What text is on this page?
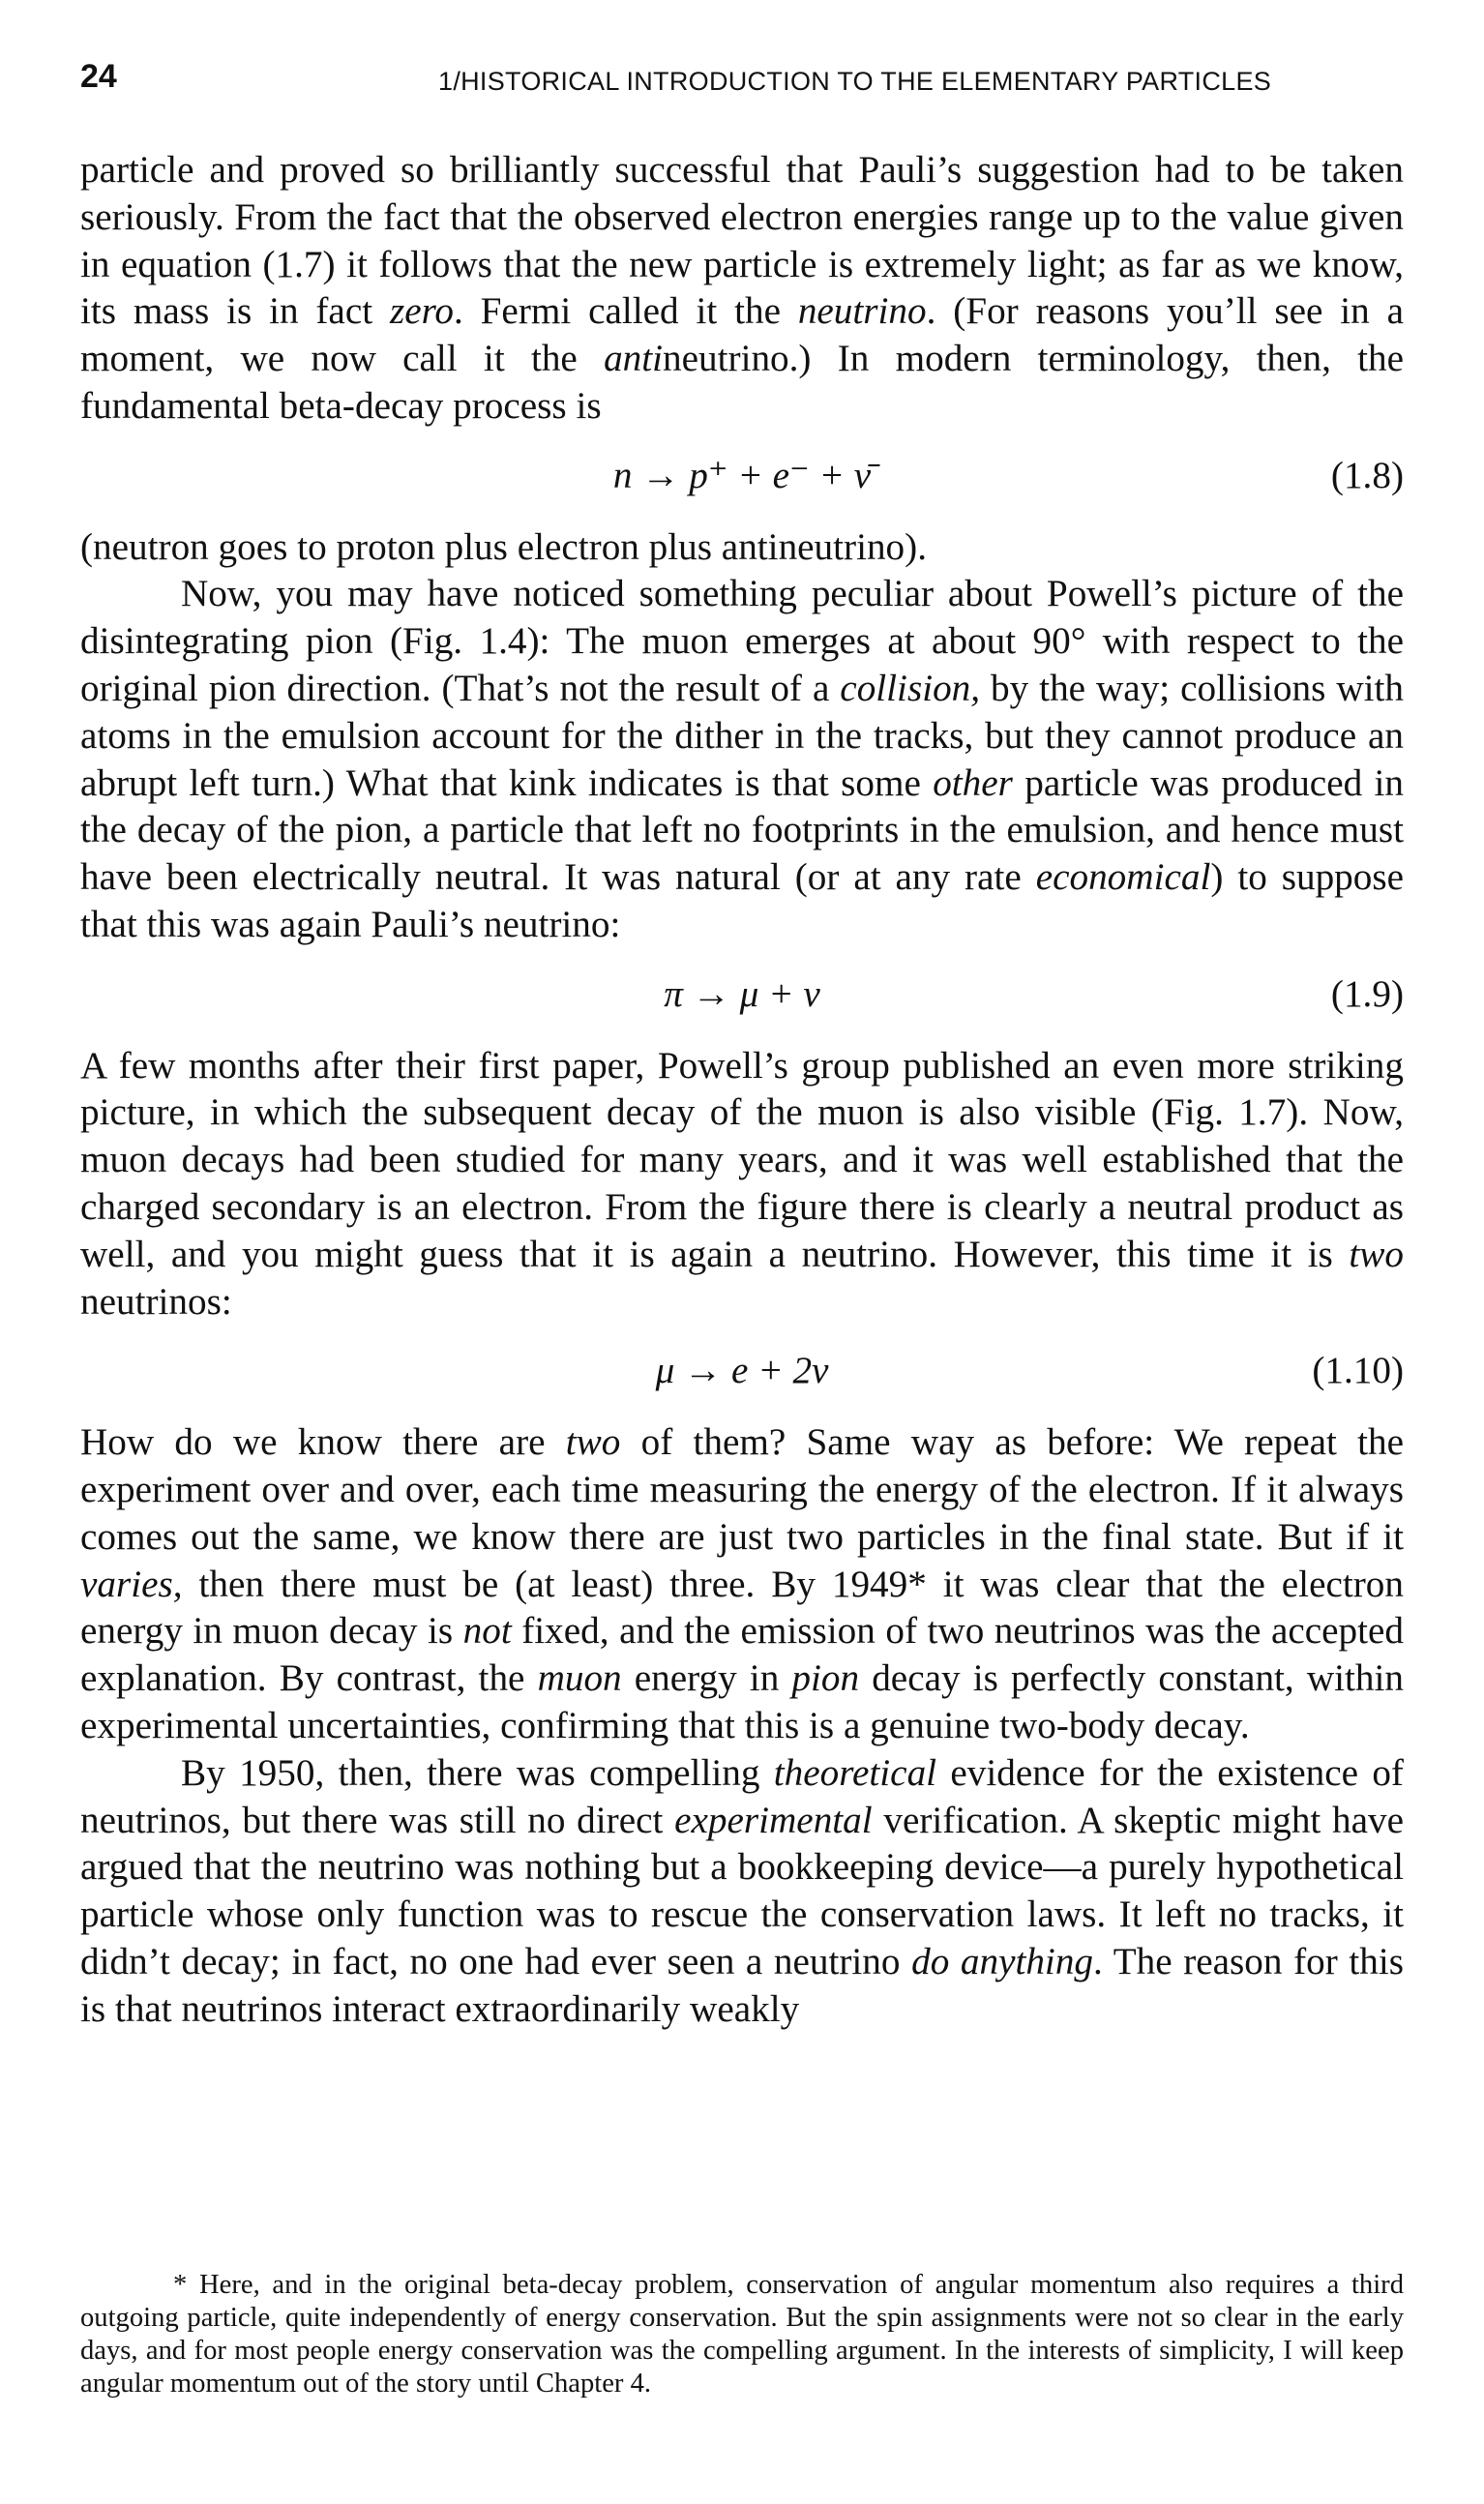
24	1/HISTORICAL INTRODUCTION TO THE ELEMENTARY PARTICLES

particle and proved so brilliantly successful that Pauli’s suggestion had to be taken seriously. From the fact that the observed electron energies range up to the value given in equation (1.7) it follows that the new particle is extremely light; as far as we know, its mass is in fact zero. Fermi called it the neutrino. (For reasons you’ll see in a moment, we now call it the antineutrino.) In modern terminology, then, the fundamental beta-decay process is

n → p⁺ + e⁻ + ν̄	(1.8)

(neutron goes to proton plus electron plus antineutrino).

Now, you may have noticed something peculiar about Powell’s picture of the disintegrating pion (Fig. 1.4): The muon emerges at about 90° with respect to the original pion direction. (That’s not the result of a collision, by the way; collisions with atoms in the emulsion account for the dither in the tracks, but they cannot produce an abrupt left turn.) What that kink indicates is that some other particle was produced in the decay of the pion, a particle that left no footprints in the emulsion, and hence must have been electrically neutral. It was natural (or at any rate economical) to suppose that this was again Pauli’s neutrino:

π → μ + ν	(1.9)

A few months after their first paper, Powell’s group published an even more striking picture, in which the subsequent decay of the muon is also visible (Fig. 1.7). Now, muon decays had been studied for many years, and it was well established that the charged secondary is an electron. From the figure there is clearly a neutral product as well, and you might guess that it is again a neutrino. However, this time it is two neutrinos:

μ → e + 2ν	(1.10)

How do we know there are two of them? Same way as before: We repeat the experiment over and over, each time measuring the energy of the electron. If it always comes out the same, we know there are just two particles in the final state. But if it varies, then there must be (at least) three. By 1949* it was clear that the electron energy in muon decay is not fixed, and the emission of two neutrinos was the accepted explanation. By contrast, the muon energy in pion decay is perfectly constant, within experimental uncertainties, confirming that this is a genuine two-body decay.

By 1950, then, there was compelling theoretical evidence for the existence of neutrinos, but there was still no direct experimental verification. A skeptic might have argued that the neutrino was nothing but a bookkeeping device—a purely hypothetical particle whose only function was to rescue the conservation laws. It left no tracks, it didn’t decay; in fact, no one had ever seen a neutrino do anything. The reason for this is that neutrinos interact extraordinarily weakly

* Here, and in the original beta-decay problem, conservation of angular momentum also requires a third outgoing particle, quite independently of energy conservation. But the spin assignments were not so clear in the early days, and for most people energy conservation was the compelling argument. In the interests of simplicity, I will keep angular momentum out of the story until Chapter 4.
